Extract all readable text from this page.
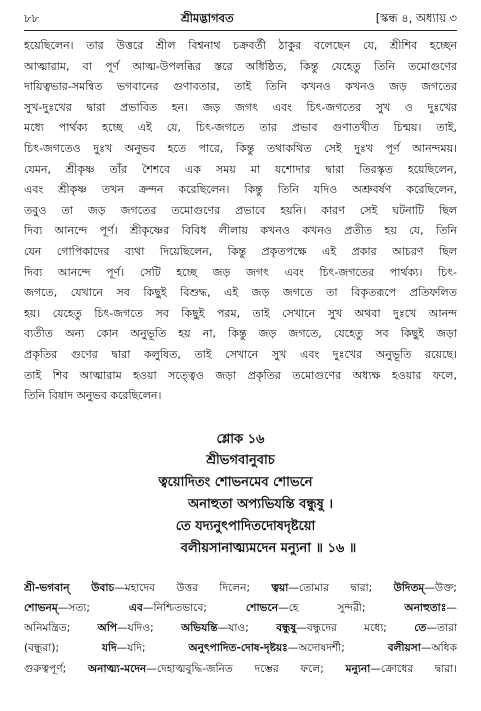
৮৮	শ্রীমদ্ভাগবত	[স্কন্ধ ৪, অধ্যায় ৩
হয়েছিলেন। তার উত্তরে শ্রীল বিশ্বনাথ চক্রবর্তী ঠাকুর বলেছেন যে, শ্রীশিব হচ্ছেন
আত্মারাম, বা পূর্ণ আত্ম-উপলব্ধির স্তরে অধিষ্ঠিত, কিন্তু যেহেতু তিনি তমোগুণের
দায়িত্বভার-সমন্বিত ভগবানের গুণাবতার, তাই তিনি কখনও কখনও জড় জগতের
সুখ-দুঃখের দ্বারা প্রভাবিত হন। জড় জগৎ এবং চিৎ-জগতের সুখ ও দুঃখের
মধ্যে পার্থক্য হচ্ছে এই যে, চিৎ-জগতে তার প্রভাব গুণাতখীত চিন্ময়। তাই,
চিৎ-জগতেও দুঃখ অনুভব হতে পারে, কিন্তু তথাকথিত সেই দুঃখ পূর্ণ আনন্দময়।
যেমন, শ্রীকৃষ্ণ তাঁর শৈশবে এক সময় মা যশোদার দ্বারা তিরস্কৃত হয়েছিলেন,
এবং শ্রীকৃষ্ণ তখন ক্রন্দন করেছিলেন। কিন্তু তিনি যদিও অশ্রুবর্ষণ করেছিলেন,
তবুও তা জড় জগতের তমোগুণের প্রভাবে হয়নি। কারণ সেই ঘটনাটি ছিল
দিব্য আনন্দে পূর্ণ। শ্রীকৃষ্ণের বিবিধ লীলায় কখনও কখনও প্রতীত হয় যে, তিনি
যেন গোপিকাদের ব্যথা দিয়েছিলেন, কিন্তু প্রকৃতপক্ষে এই প্রকার আচরণ ছিল
দিব্য আনন্দে পূর্ণ। সেটি হচ্ছে জড় জগৎ এবং চিৎ-জগতের পার্থক্য। চিৎ-
জগতে, যেখানে সব কিছুই বিশুদ্ধ, এই জড় জগতে তা বিকৃতরূপে প্রতিফলিত
হয়। যেহেতু চিৎ-জগতে সব কিছুই পরম, তাই সেখানে সুখ অথবা দুঃখে আনন্দ
ব্যতীত অন্য কোন অনুভূতি হয় না, কিন্তু জড় জগতে, যেহেতু সব কিছুই জড়া
প্রকৃতির গুণের দ্বারা কলুষিত, তাই সেখানে সুখ এবং দুঃখের অনুভূতি রয়েছে।
তাই শিব আত্মারাম হওয়া সত্ত্বেও জড়া প্রকৃতির তমোগুণের অধ্যক্ষ হওয়ার ফলে,
তিনি বিষাদ অনুভব করেছিলেন।
শ্লোক ১৬
শ্রীভগবানুবাচ
ত্বয়োদিতং শোভনমেব শোভনে
অনাহুতা অপ্যভিযন্তি বন্ধুষু ।
তে যদ্যনুৎপাদিতদোষদৃষ্টয়ো
বলীয়সানাত্ম্যমদেন মন্যুনা ॥ ১৬ ॥
শ্রী-ভগবান্ উবাচ—মহাদেব উত্তর দিলেন; ত্বয়া—তোমার দ্বারা; উদিতম্—উক্ত;
শোভনম্—সত্য; এব—নিশ্চিতভাবে; শোভনে—হে সুন্দরী; অনাহুতাঃ—
অনিমন্ত্রিত; অপি—যদিও; অভিযন্তি—যাও; বন্ধুষু—বন্ধুদের মধ্যে; তে—তারা
(বন্ধুরা); যদি—যদি; অনুৎপাদিত-দোষ-দৃষ্টয়ঃ—অদোষদর্শী; বলীয়সা—অধিক
গুরুত্বপূর্ণ; অনাত্ম্য-মদেন—দেহাত্মবুদ্ধি-জনিত দম্ভের ফলে; মন্যুনা—ক্রোধের দ্বারা।
